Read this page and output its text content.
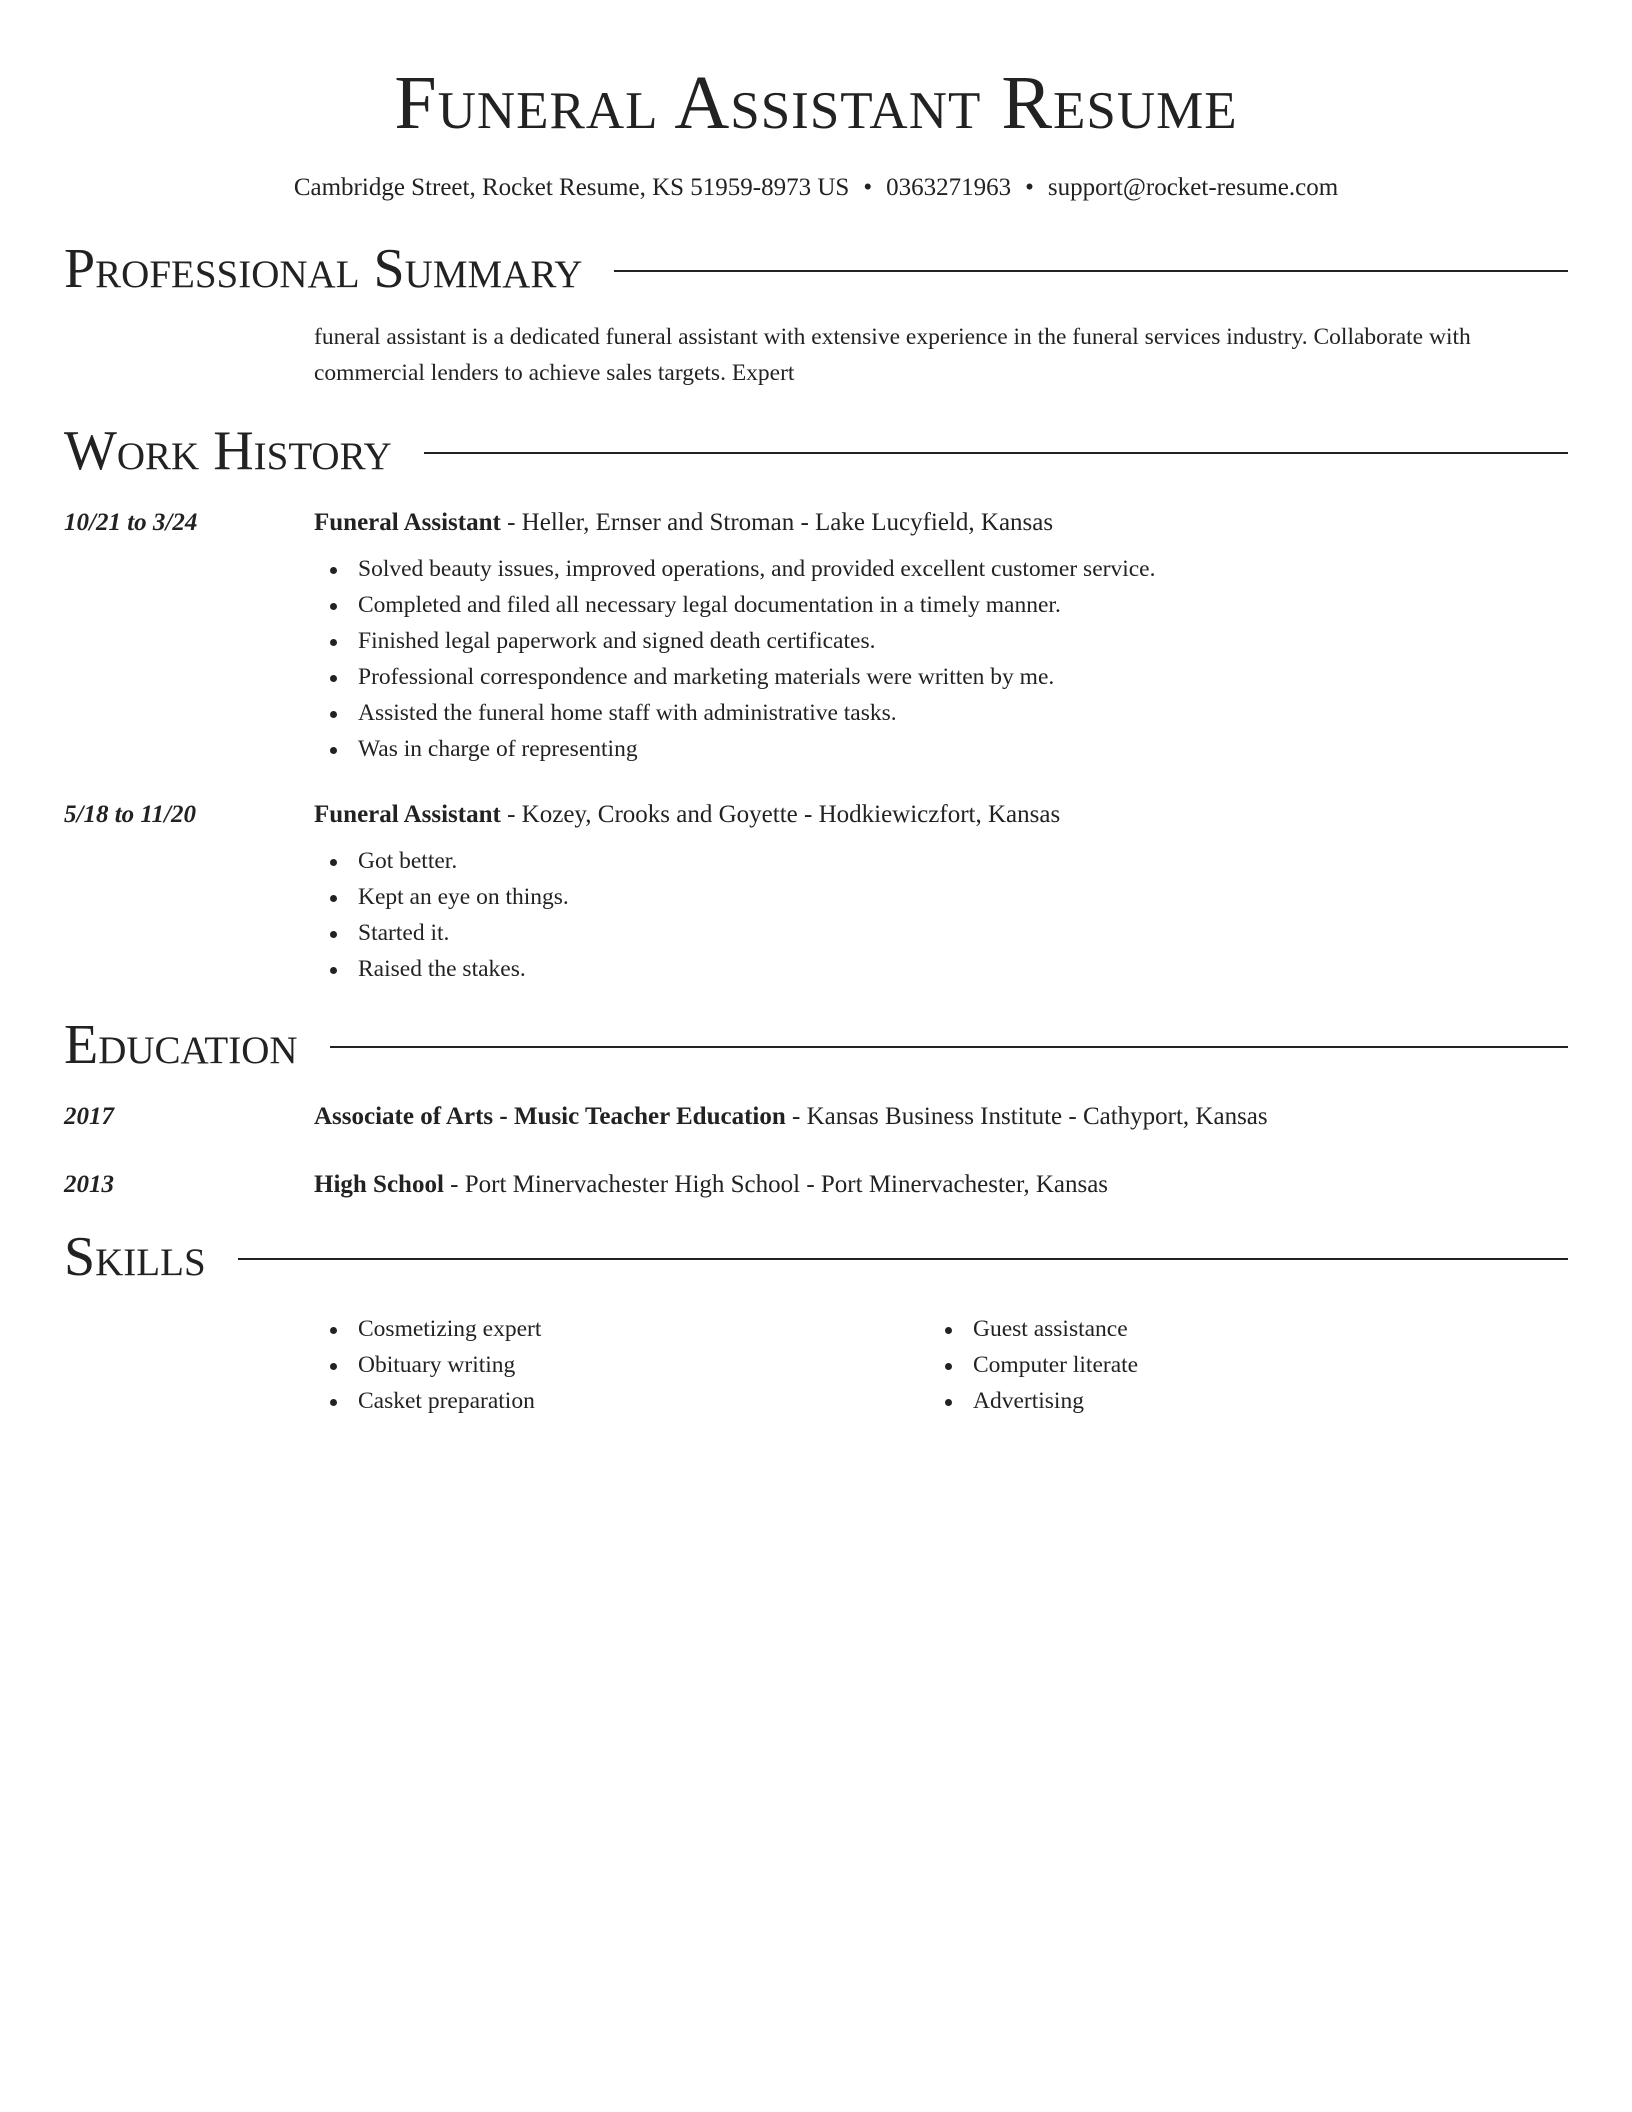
Funeral Assistant Resume
Cambridge Street, Rocket Resume, KS 51959-8973 US • 0363271963 • support@rocket-resume.com
Professional Summary
funeral assistant is a dedicated funeral assistant with extensive experience in the funeral services industry. Collaborate with commercial lenders to achieve sales targets. Expert
Work History
10/21 to 3/24	Funeral Assistant - Heller, Ernser and Stroman - Lake Lucyfield, Kansas
Solved beauty issues, improved operations, and provided excellent customer service.
Completed and filed all necessary legal documentation in a timely manner.
Finished legal paperwork and signed death certificates.
Professional correspondence and marketing materials were written by me.
Assisted the funeral home staff with administrative tasks.
Was in charge of representing
5/18 to 11/20	Funeral Assistant - Kozey, Crooks and Goyette - Hodkiewiczfort, Kansas
Got better.
Kept an eye on things.
Started it.
Raised the stakes.
Education
2017	Associate of Arts - Music Teacher Education - Kansas Business Institute - Cathyport, Kansas
2013	High School - Port Minervachester High School - Port Minervachester, Kansas
Skills
Cosmetizing expert
Obituary writing
Casket preparation
Guest assistance
Computer literate
Advertising
